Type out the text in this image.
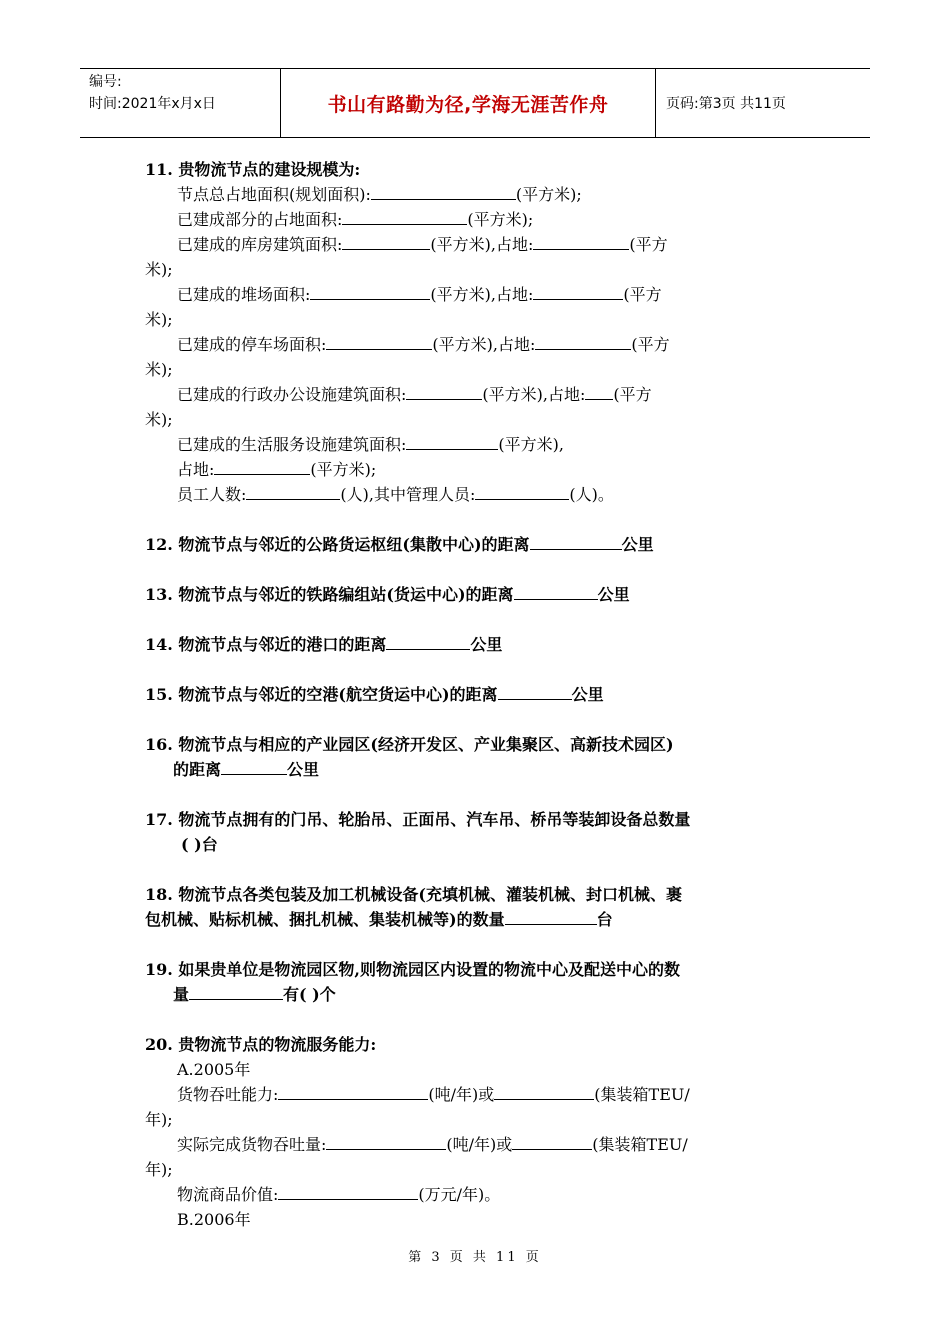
编号:
时间:2021年x月x日	书山有路勤为径,学海无涯苦作舟	页码:第3页 共11页
11. 贵物流节点的建设规模为:
节点总占地面积(规划面积):	(平方米);
已建成部分的占地面积:	(平方米);
已建成的库房建筑面积:	(平方米),占地:	(平方
米);
已建成的堆场面积:	(平方米),占地:	(平方
米);
已建成的停车场面积:	(平方米),占地:	(平方
米);
已建成的行政办公设施建筑面积:	(平方米),占地: (平方
米);
已建成的生活服务设施建筑面积:	(平方米),
占地:	(平方米);
员工人数:	(人),其中管理人员:	(人)。
12. 物流节点与邻近的公路货运枢纽(集散中心)的距离	公里
13. 物流节点与邻近的铁路编组站(货运中心)的距离	公里
14. 物流节点与邻近的港口的距离	公里
15. 物流节点与邻近的空港(航空货运中心)的距离	公里
16. 物流节点与相应的产业园区(经济开发区、产业集聚区、高新技术园区)
的距离	公里
17. 物流节点拥有的门吊、轮胎吊、正面吊、汽车吊、桥吊等装卸设备总数量
( )台
18. 物流节点各类包装及加工机械设备(充填机械、灌装机械、封口机械、裹
包机械、贴标机械、捆扎机械、集装机械等)的数量	台
19. 如果贵单位是物流园区物,则物流园区内设置的物流中心及配送中心的数
量	有( )个
20. 贵物流节点的物流服务能力:
A.2005年
货物吞吐能力:	(吨/年)或	(集装箱TEU/
年);
实际完成货物吞吐量:	(吨/年)或	(集装箱TEU/
年);
物流商品价值:	(万元/年)。
B.2006年
第 3 页 共 11 页
